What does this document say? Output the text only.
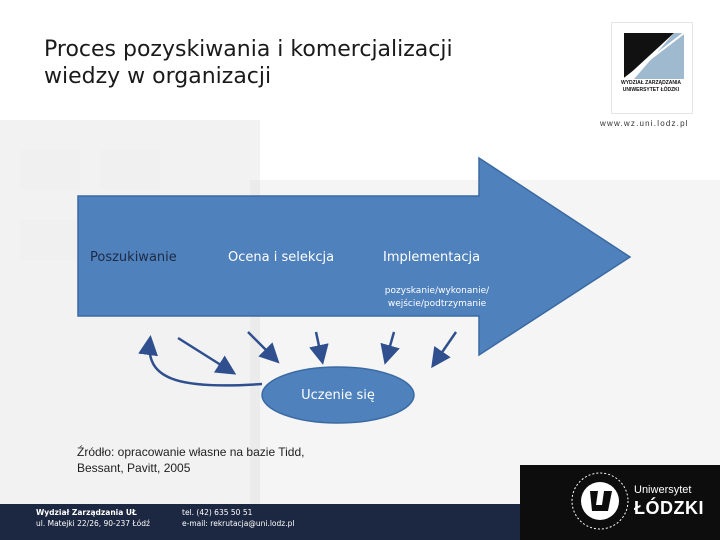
Proces pozyskiwania i komercjalizacji
wiedzy w organizacji	WYDZIAŁ ZARZĄDZANIA
UNIWERSYTET ŁÓDZKI
www.wz.uni.lodz.pl
Poszukiwanie	Ocena i selekcja	Implementacja
pozyskanie/wykonanie/
wejście/podtrzymanie
Uczenie się
Źródło: opracowanie własne na bazie Tidd,
Bessant, Pavitt, 2005
Wydział Zarządzania UŁ
ul. Matejki 22/26, 90-237 Łódź
tel. (42) 635 50 51
e-mail: rekrutacja@uni.lodz.pl
Uniwersytet
ŁÓDZKI
